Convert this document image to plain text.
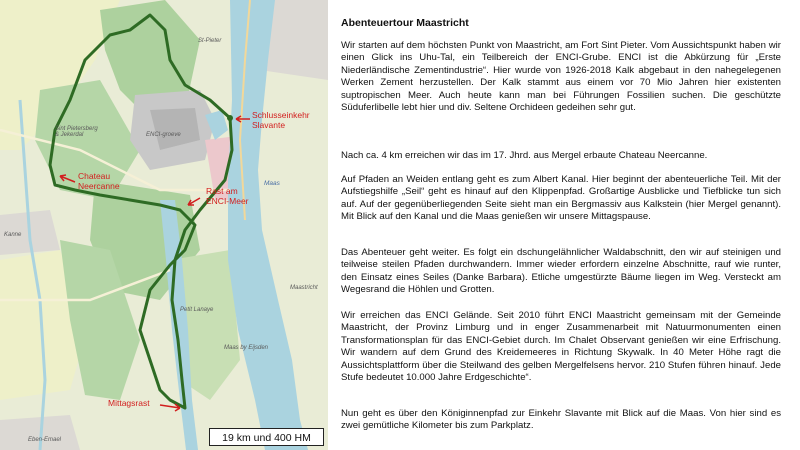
Schlusseinkehr
Slavante
Chateau
Neercanne
Rast am
ENCI-Meer
Mittagsrast
Sint Pietersberg
& Jekerdal	ENCI-groeve
Kanne
Maastricht
Petit Lanaye
Maas by Eijsden
Eben-Emael
St-Pieter
Maas
19 km und 400 HM
Abenteuertour Maastricht

Wir starten auf dem höchsten Punkt von Maastricht, am Fort Sint Pieter. Vom Aussichtspunkt haben wir einen Glick ins Uhu-Tal, ein Teilbereich der ENCI-Grube. ENCI ist die Abkürzung für „Erste Niederländische Zementindustrie“. Hier wurde von 1926-2018 Kalk abgebaut in den nahegelegenen Werken Zement herzustellen. Der Kalk stammt aus einem vor 70 Mio Jahren hier existenten suptropischen Meer. Auch heute kann man bei Führungen Fossilien suchen. Die geschützte Süduferlibelle lebt hier und div. Seltene Orchideen gedeihen sehr gut.

Nach ca. 4 km erreichen wir das im 17. Jhrd. aus Mergel erbaute Chateau Neercanne.

Auf Pfaden an Weiden entlang geht es zum Albert Kanal. Hier beginnt der abenteuerliche Teil. Mit der Aufstiegshilfe „Seil“ geht es hinauf auf den Klippenpfad. Großartige Ausblicke und Tiefblicke tun sich auf. Auf der gegenüberliegenden Seite sieht man ein Bergmassiv aus Kalkstein (hier Mergel genannt). Mit Blick auf den Kanal und die Maas genießen wir unsere Mittagspause.

Das Abenteuer geht weiter. Es folgt ein dschungelähnlicher Waldabschnitt, den wir auf steinigen und teilweise steilen Pfaden durchwandern. Immer wieder erfordern einzelne Abschnitte, rauf wie runter, den Einsatz eines Seiles (Danke Barbara). Etliche umgestürzte Bäume liegen im Weg. Versteckt am Wegesrand die Höhlen und Grotten.

Wir erreichen das ENCI Gelände. Seit 2010 führt ENCI Maastricht gemeinsam mit der Gemeinde Maastricht, der Provinz Limburg und in enger Zusammenarbeit mit Natuurmonumenten einen Transformationsplan für das ENCI-Gebiet durch. Im Chalet Observant genießen wir eine Erfrischung. Wir wandern auf dem Grund des Kreidemeeres in Richtung Skywalk. In 40 Meter Höhe ragt die Aussichtsplattform über die Steilwand des gelben Mergelfelsens hervor. 210 Stufen führen hinauf. Jede Stufe bedeutet 10.000 Jahre Erdgeschichte“.

Nun geht es über den Königinnenpfad zur Einkehr Slavante mit Blick auf die Maas. Von hier sind es zwei gemütliche Kilometer bis zum Parkplatz.
